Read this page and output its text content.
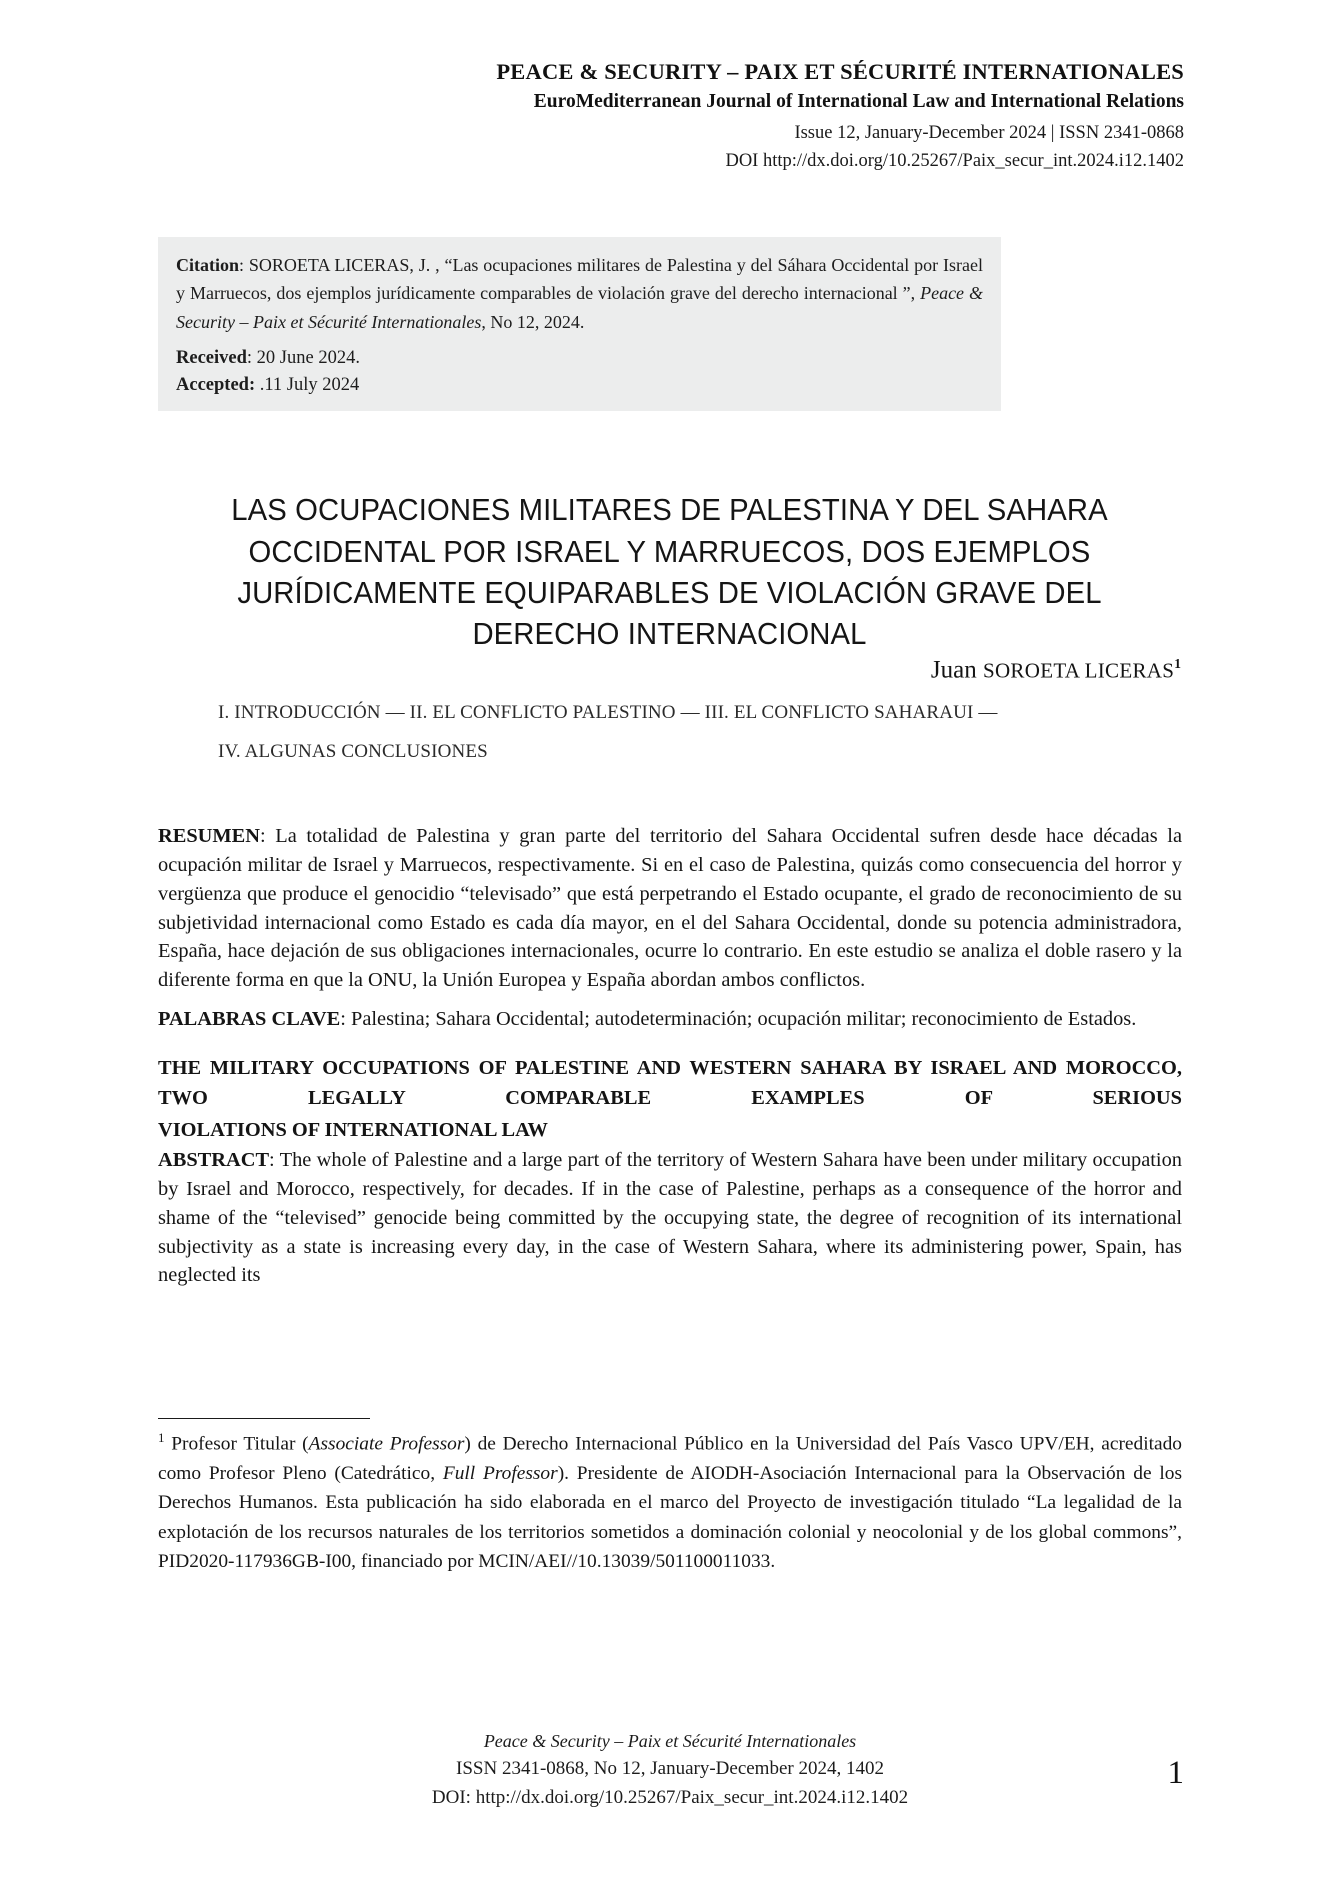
PEACE & SECURITY – PAIX ET SÉCURITÉ INTERNATIONALES
EuroMediterranean Journal of International Law and International Relations
Issue 12, January-December 2024 | ISSN 2341-0868
DOI http://dx.doi.org/10.25267/Paix_secur_int.2024.i12.1402
Citation: SOROETA LICERAS, J. , “Las ocupaciones militares de Palestina y del Sáhara Occidental por Israel y Marruecos, dos ejemplos jurídicamente comparables de violación grave del derecho internacional ”, Peace & Security – Paix et Sécurité Internationales, No 12, 2024.
Received: 20 June 2024.
Accepted: .11 July 2024
LAS OCUPACIONES MILITARES DE PALESTINA Y DEL SAHARA OCCIDENTAL POR ISRAEL Y MARRUECOS, DOS EJEMPLOS JURÍDICAMENTE EQUIPARABLES DE VIOLACIÓN GRAVE DEL DERECHO INTERNACIONAL
Juan SOROETA LICERAS$^1$
I. INTRODUCCIÓN — II. EL CONFLICTO PALESTINO — III. EL CONFLICTO SAHARAUI — IV. ALGUNAS CONCLUSIONES

RESUMEN: La totalidad de Palestina y gran parte del territorio del Sahara Occidental sufren desde hace décadas la ocupación militar de Israel y Marruecos, respectivamente. Si en el caso de Palestina, quizás como consecuencia del horror y vergüenza que produce el genocidio “televisado” que está perpetrando el Estado ocupante, el grado de reconocimiento de su subjetividad internacional como Estado es cada día mayor, en el del Sahara Occidental, donde su potencia administradora, España, hace dejación de sus obligaciones internacionales, ocurre lo contrario. En este estudio se analiza el doble rasero y la diferente forma en que la ONU, la Unión Europea y España abordan ambos conflictos.

PALABRAS CLAVE: Palestina; Sahara Occidental; autodeterminación; ocupación militar; reconocimiento de Estados.

THE MILITARY OCCUPATIONS OF PALESTINE AND WESTERN SAHARA BY ISRAEL AND MOROCCO, TWO LEGALLY COMPARABLE EXAMPLES OF SERIOUS

VIOLATIONS OF INTERNATIONAL LAW

ABSTRACT: The whole of Palestine and a large part of the territory of Western Sahara have been under military occupation by Israel and Morocco, respectively, for decades. If in the case of Palestine, perhaps as a consequence of the horror and shame of the “televised” genocide being committed by the occupying state, the degree of recognition of its international subjectivity as a state is increasing every day, in the case of Western Sahara, where its administering power, Spain, has neglected its

$^1$ Profesor Titular (Associate Professor) de Derecho Internacional Público en la Universidad del País Vasco UPV/EH, acreditado como Profesor Pleno (Catedrático, Full Professor). Presidente de AIODH-Asociación Internacional para la Observación de los Derechos Humanos. Esta publicación ha sido elaborada en el marco del Proyecto de investigación titulado “La legalidad de la explotación de los recursos naturales de los territorios sometidos a dominación colonial y neocolonial y de los global commons”, PID2020-117936GB-I00, financiado por MCIN/AEI//10.13039/501100011033.
Peace & Security – Paix et Sécurité Internationales
ISSN 2341-0868, No 12, January-December 2024, 1402
DOI: http://dx.doi.org/10.25267/Paix_secur_int.2024.i12.1402
1
